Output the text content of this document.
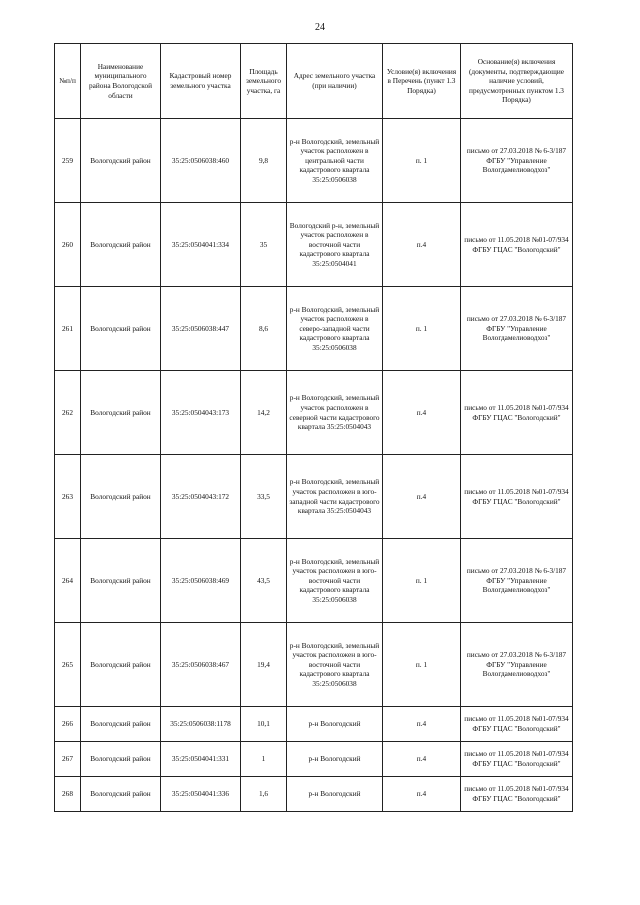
24
№п/п	Наименование муниципального района Вологодской области	Кадастровый номер земельного участка	Площадь земельного участка, га	Адрес земельного участка (при наличии)	Условие(я) включения в Перечень (пункт 1.3 Порядка)	Основание(я) включения (документы, подтверждающие наличие условий, предусмотренных пунктом 1.3 Порядка)
259	Вологодский район	35:25:0506038:460	9,8	р-н Вологодский, земельный участок расположен в центральной части кадастрового квартала 35:25:0506038	п. 1	письмо от 27.03.2018 № 6-3/187 ФГБУ "Управление Вологдамелиоводхоз"
260	Вологодский район	35:25:0504041:334	35	Вологодский р-н, земельный участок расположен в восточной части кадастрового квартала 35:25:0504041	п.4	письмо от 11.05.2018 №01-07/934 ФГБУ ГЦАС "Вологодский"
261	Вологодский район	35:25:0506038:447	8,6	р-н Вологодский, земельный участок расположен в северо-западной части кадастрового квартала 35:25:0506038	п. 1	письмо от 27.03.2018 № 6-3/187 ФГБУ "Управление Вологдамелиоводхоз"
262	Вологодский район	35:25:0504043:173	14,2	р-н Вологодский, земельный участок расположен в северной части кадастрового квартала 35:25:0504043	п.4	письмо от 11.05.2018 №01-07/934 ФГБУ ГЦАС "Вологодский"
263	Вологодский район	35:25:0504043:172	33,5	р-н Вологодский, земельный участок расположен в юго-западной части кадастрового квартала 35:25:0504043	п.4	письмо от 11.05.2018 №01-07/934 ФГБУ ГЦАС "Вологодский"
264	Вологодский район	35:25:0506038:469	43,5	р-н Вологодский, земельный участок расположен в юго-восточной части кадастрового квартала 35:25:0506038	п. 1	письмо от 27.03.2018 № 6-3/187 ФГБУ "Управление Вологдамелиоводхоз"
265	Вологодский район	35:25:0506038:467	19,4	р-н Вологодский, земельный участок расположен в юго-восточной части кадастрового квартала 35:25:0506038	п. 1	письмо от 27.03.2018 № 6-3/187 ФГБУ "Управление Вологдамелиоводхоз"
266	Вологодский район	35:25:0506038:1178	10,1	р-н Вологодский	п.4	письмо от 11.05.2018 №01-07/934 ФГБУ ГЦАС "Вологодский"
267	Вологодский район	35:25:0504041:331	1	р-н Вологодский	п.4	письмо от 11.05.2018 №01-07/934 ФГБУ ГЦАС "Вологодский"
268	Вологодский район	35:25:0504041:336	1,6	р-н Вологодский	п.4	письмо от 11.05.2018 №01-07/934 ФГБУ ГЦАС "Вологодский"
